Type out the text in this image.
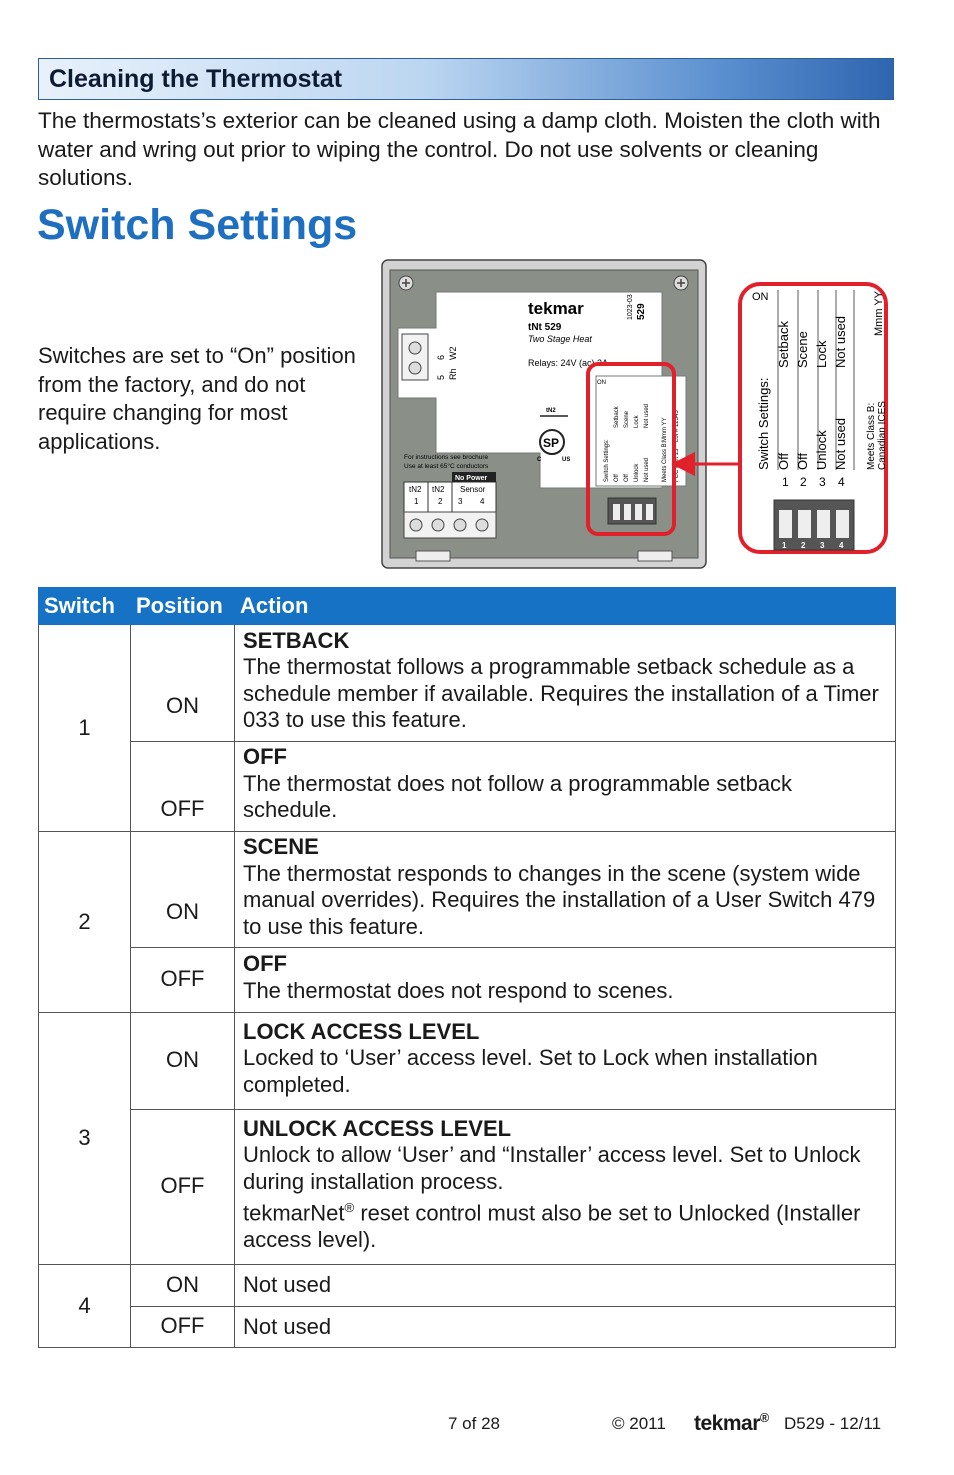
Cleaning the Thermostat

The thermostats’s exterior can be cleaned using a damp cloth. Moisten the cloth with water and wring out prior to wiping the control. Do not use solvents or cleaning solutions.

Switch Settings

Switches are set to “On” position from the factory, and do not require changing for most applications.

5 Rh
6 W2
tekmar
tNt 529
Two Stage Heat
Relays: 24V (ac) 2A
1023-03 529
tN2
SP
C	US
For instructions see brochure
Use at least 65°C conductors
No Power
tN2 tN2 Sensor
1 2 3 4
ON
Switch Settings: Off Off Unlock Not used
Setback Scene Lock Not used
Meets Class B:
Mmm YY
FCC Part 15
Lot # 12345
ON
Switch Settings: Off Off Unlock Not used
Setback Scene Lock Not used
Meets Class B: Canadian ICES
Mmm YY
1 2 3 4
1 2 3 4
Switch	Position	Action
1	ON	SETBACK
The thermostat follows a programmable setback schedule as a schedule member if available. Requires the installation of a Timer 033 to use this feature.
	OFF	OFF
The thermostat does not follow a programmable setback schedule.
2	ON	SCENE
The thermostat responds to changes in the scene (system wide manual overrides). Requires the installation of a User Switch 479 to use this feature.
	OFF	OFF
The thermostat does not respond to scenes.
3	ON	LOCK ACCESS LEVEL
Locked to ‘User’ access level. Set to Lock when installation completed.
	OFF	UNLOCK ACCESS LEVEL
Unlock to allow ‘User’ and “Installer’ access level. Set to Unlock during installation process.
tekmarNet® reset control must also be set to Unlocked (Installer access level).

4	ON	Not used
	OFF	Not used
7 of 28	© 2011 tekmar® D529 - 12/11
